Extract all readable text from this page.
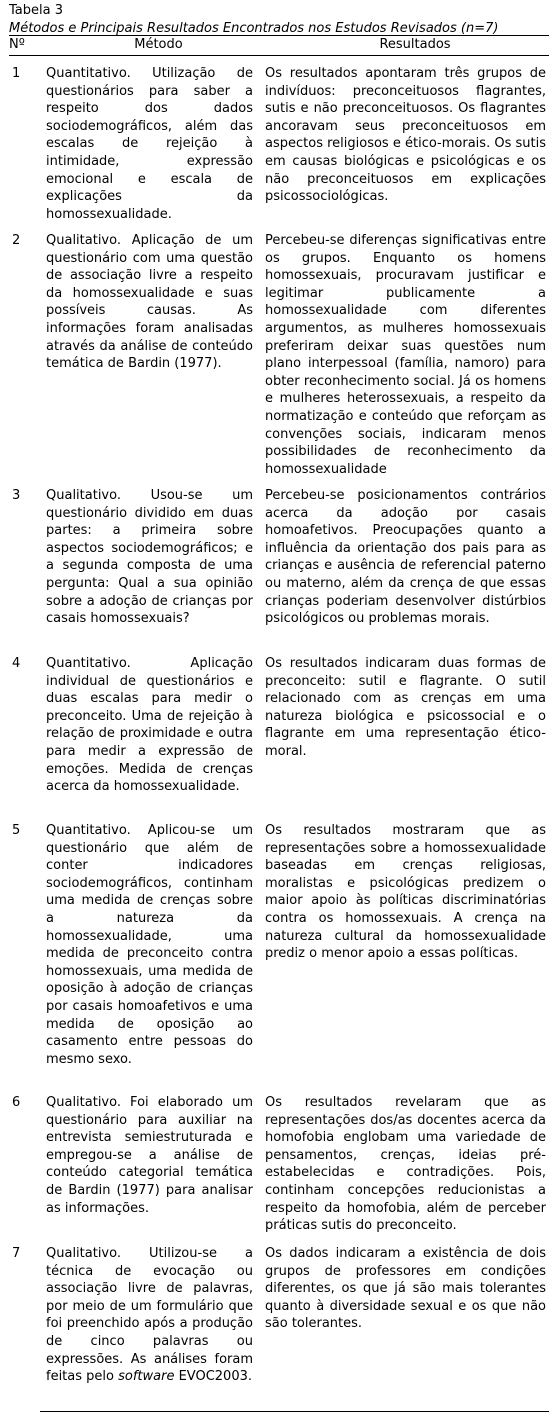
Tabela 3
Métodos e Principais Resultados Encontrados nos Estudos Revisados (n=7)
Nº	Método	Resultados
1 Quantitativo. Utilização de questionários para saber a respeito dos dados sociodemográficos, além das escalas de rejeição à intimidade, expressão emocional e escala de explicações da homossexualidade.
Os resultados apontaram três grupos de indivíduos: preconceituosos flagrantes, sutis e não preconceituosos. Os flagrantes ancoravam seus preconceituosos em aspectos religiosos e ético-morais. Os sutis em causas biológicas e psicológicas e os não preconceituosos em explicações psicossociológicas.
2 Qualitativo. Aplicação de um questionário com uma questão de associação livre a respeito da homossexualidade e suas possíveis causas. As informações foram analisadas através da análise de conteúdo temática de Bardin (1977).
Percebeu-se diferenças significativas entre os grupos. Enquanto os homens homossexuais, procuravam justificar e legitimar publicamente a homossexualidade com diferentes argumentos, as mulheres homossexuais preferiram deixar suas questões num plano interpessoal (família, namoro) para obter reconhecimento social. Já os homens e mulheres heterossexuais, a respeito da normatização e conteúdo que reforçam as convenções sociais, indicaram menos possibilidades de reconhecimento da homossexualidade
3 Qualitativo. Usou-se um questionário dividido em duas partes: a primeira sobre aspectos sociodemográficos; e a segunda composta de uma pergunta: Qual a sua opinião sobre a adoção de crianças por casais homossexuais?
Percebeu-se posicionamentos contrários acerca da adoção por casais homoafetivos. Preocupações quanto a influência da orientação dos pais para as crianças e ausência de referencial paterno ou materno, além da crença de que essas crianças poderiam desenvolver distúrbios psicológicos ou problemas morais.
4 Quantitativo. Aplicação individual de questionários e duas escalas para medir o preconceito. Uma de rejeição à relação de proximidade e outra para medir a expressão de emoções. Medida de crenças acerca da homossexualidade.
Os resultados indicaram duas formas de preconceito: sutil e flagrante. O sutil relacionado com as crenças em uma natureza biológica e psicossocial e o flagrante em uma representação ético-moral.
5 Quantitativo. Aplicou-se um questionário que além de conter indicadores sociodemográficos, continham uma medida de crenças sobre a natureza da homossexualidade, uma medida de preconceito contra homossexuais, uma medida de oposição à adoção de crianças por casais homoafetivos e uma medida de oposição ao casamento entre pessoas do mesmo sexo.
Os resultados mostraram que as representações sobre a homossexualidade baseadas em crenças religiosas, moralistas e psicológicas predizem o maior apoio às políticas discriminatórias contra os homossexuais. A crença na natureza cultural da homossexualidade prediz o menor apoio a essas políticas.
6 Qualitativo. Foi elaborado um questionário para auxiliar na entrevista semiestruturada e empregou-se a análise de conteúdo categorial temática de Bardin (1977) para analisar as informações.
Os resultados revelaram que as representações dos/as docentes acerca da homofobia englobam uma variedade de pensamentos, crenças, ideias pré-estabelecidas e contradições. Pois, continham concepções reducionistas a respeito da homofobia, além de perceber práticas sutis do preconceito.
7 Qualitativo. Utilizou-se a técnica de evocação ou associação livre de palavras, por meio de um formulário que foi preenchido após a produção de cinco palavras ou expressões. As análises foram feitas pelo software EVOC2003.
Os dados indicaram a existência de dois grupos de professores em condições diferentes, os que já são mais tolerantes quanto à diversidade sexual e os que não são tolerantes.
